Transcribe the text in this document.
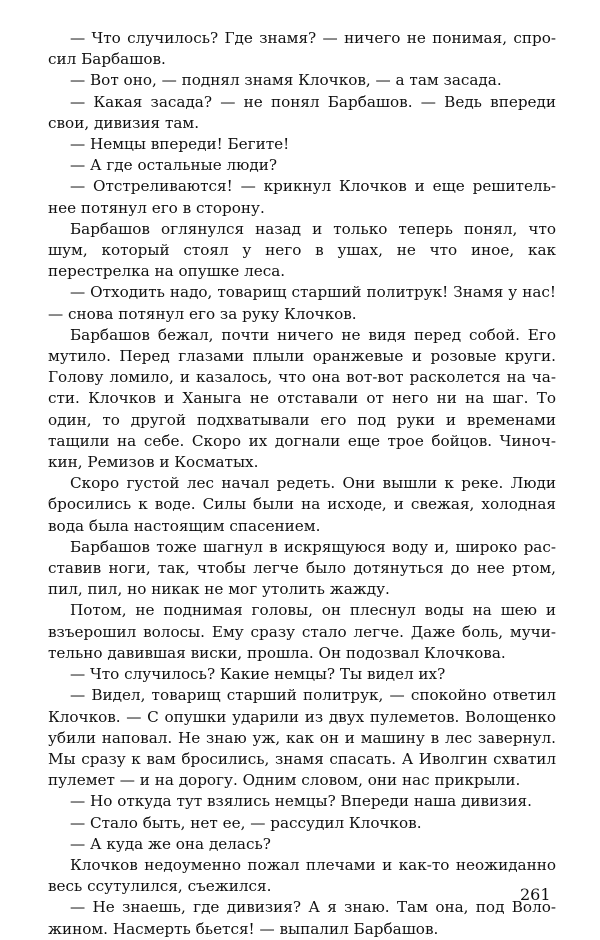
— Что случилось? Где знамя? — ничего не понимая, спросил Барбашов.

— Вот оно, — поднял знамя Клочков, — а там засада.

— Какая засада? — не понял Барбашов. — Ведь впереди свои, дивизия там.

— Немцы впереди! Бегите!

— А где остальные люди?

— Отстреливаются! — крикнул Клочков и еще решительнее потянул его в сторону.

Барбашов оглянулся назад и только теперь понял, что шум, который стоял у него в ушах, не что иное, как перестрелка на опушке леса.

— Отходить надо, товарищ старший политрук! Знамя у нас! — снова потянул его за руку Клочков.

Барбашов бежал, почти ничего не видя перед собой. Его мутило. Перед глазами плыли оранжевые и розовые круги. Голову ломило, и казалось, что она вот-вот расколется на части. Клочков и Ханыга не отставали от него ни на шаг. То один, то другой подхватывали его под руки и временами тащили на себе. Скоро их догнали еще трое бойцов. Чиночкин, Ремизов и Косматых.

Скоро густой лес начал редеть. Они вышли к реке. Люди бросились к воде. Силы были на исходе, и свежая, холодная вода была настоящим спасением.

Барбашов тоже шагнул в искрящуюся воду и, широко расставив ноги, так, чтобы легче было дотянуться до нее ртом, пил, пил, но никак не мог утолить жажду.

Потом, не поднимая головы, он плеснул воды на шею и взъерошил волосы. Ему сразу стало легче. Даже боль, мучительно давившая виски, прошла. Он подозвал Клочкова.

— Что случилось? Какие немцы? Ты видел их?

— Видел, товарищ старший политрук, — спокойно ответил Клочков. — С опушки ударили из двух пулеметов. Волощенко убили наповал. Не знаю уж, как он и машину в лес завернул. Мы сразу к вам бросились, знамя спасать. А Иволгин схватил пулемет — и на дорогу. Одним словом, они нас прикрыли.

— Но откуда тут взялись немцы? Впереди наша дивизия.

— Стало быть, нет ее, — рассудил Клочков.

— А куда же она делась?

Клочков недоуменно пожал плечами и как-то неожиданно весь ссутулился, съежился.

— Не знаешь, где дивизия? А я знаю. Там она, под Воложином. Насмерть бьется! — выпалил Барбашов.

261
